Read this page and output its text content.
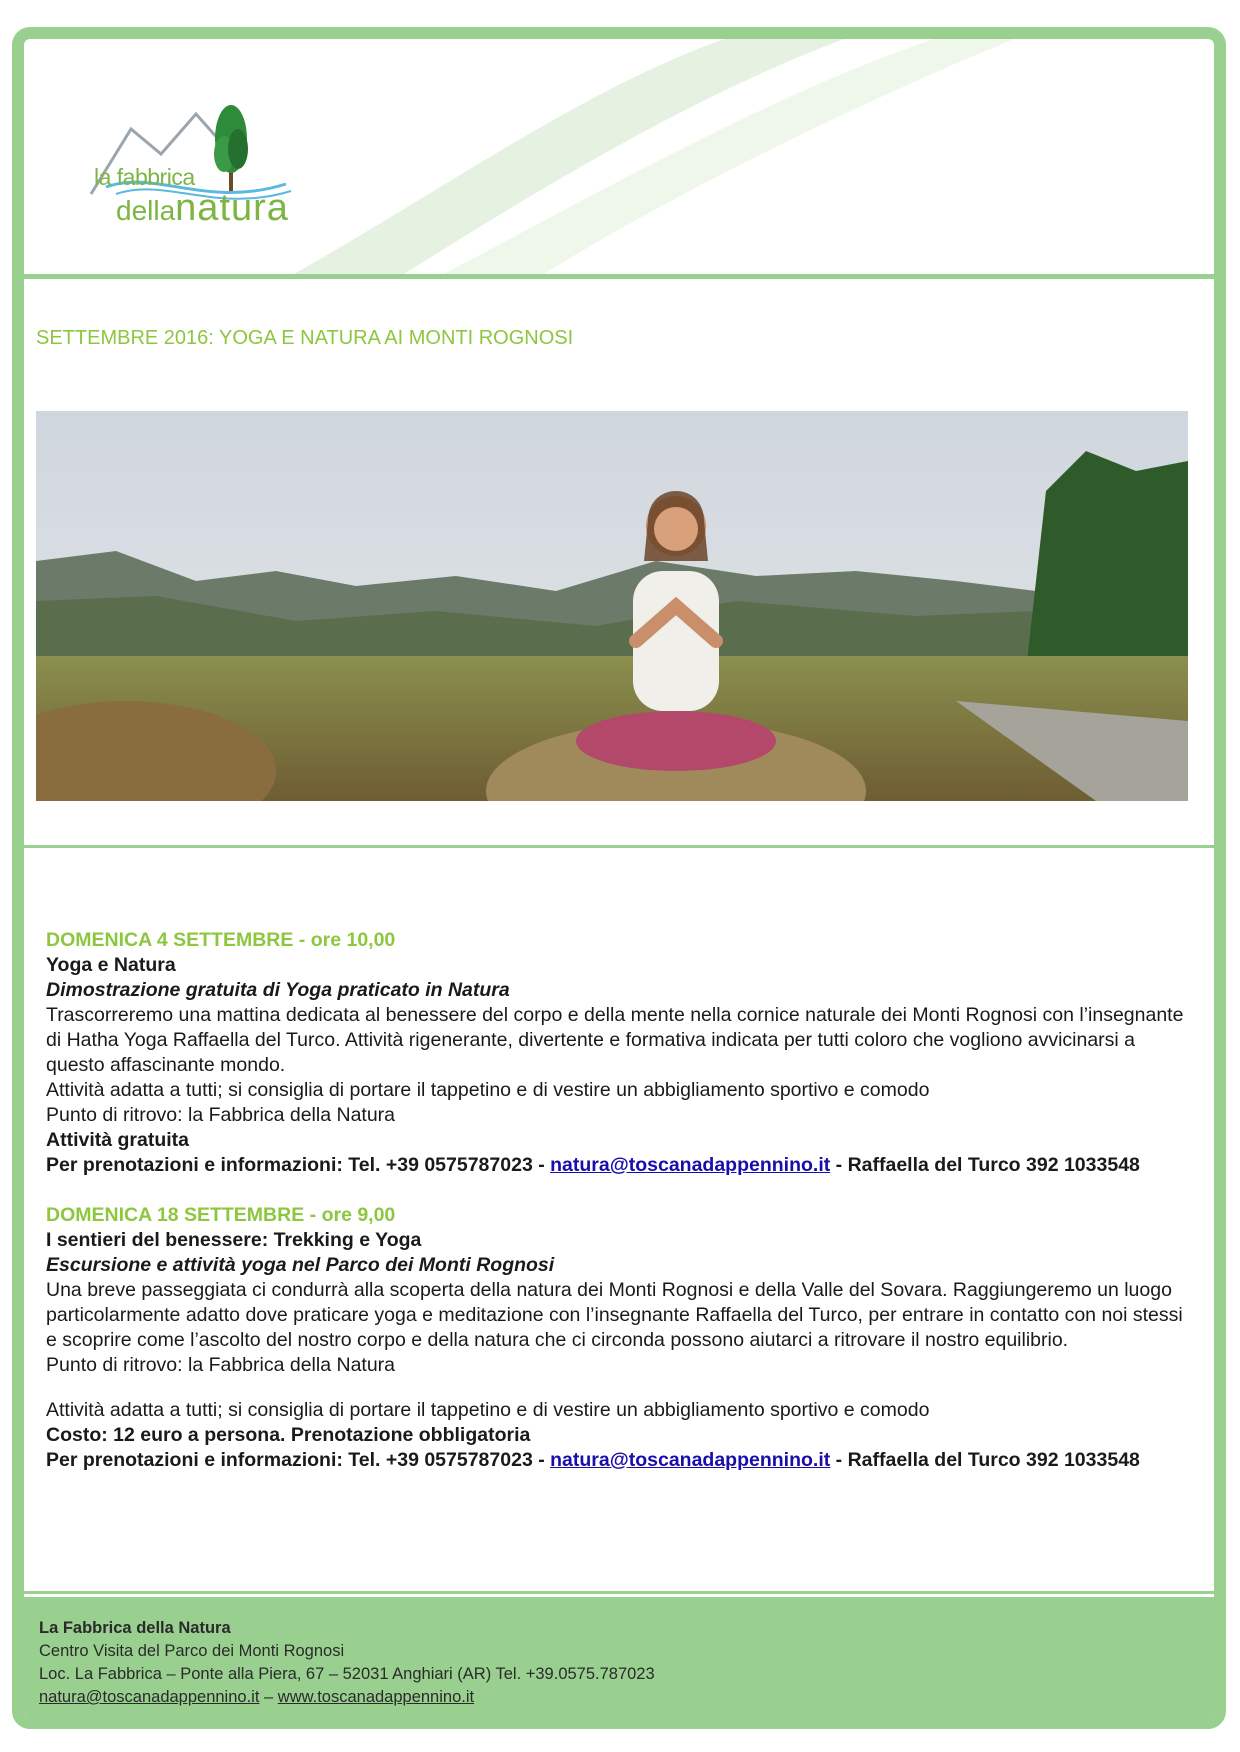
la fabbrica
dellanatura
SETTEMBRE 2016: YOGA E NATURA AI MONTI ROGNOSI
DOMENICA 4 SETTEMBRE - ore 10,00
Yoga e Natura
Dimostrazione gratuita di Yoga praticato in Natura
Trascorreremo una mattina dedicata al benessere del corpo e della mente nella cornice naturale dei Monti Rognosi con l’insegnante di Hatha Yoga Raffaella del Turco. Attività rigenerante, divertente e formativa indicata per tutti coloro che vogliono avvicinarsi a questo affascinante mondo.
Attività adatta a tutti; si consiglia di portare il tappetino e di vestire un abbigliamento sportivo e comodo
Punto di ritrovo: la Fabbrica della Natura
Attività gratuita
Per prenotazioni e informazioni: Tel. +39 0575787023 - natura@toscanadappennino.it - Raffaella del Turco 392 1033548
DOMENICA 18 SETTEMBRE - ore 9,00
I sentieri del benessere: Trekking e Yoga
Escursione e attività yoga nel Parco dei Monti Rognosi
Una breve passeggiata ci condurrà alla scoperta della natura dei Monti Rognosi e della Valle del Sovara. Raggiungeremo un luogo particolarmente adatto dove praticare yoga e meditazione con l’insegnante Raffaella del Turco, per entrare in contatto con noi stessi e scoprire come l’ascolto del nostro corpo e della natura che ci circonda possono aiutarci a ritrovare il nostro equilibrio.
Punto di ritrovo: la Fabbrica della Natura
Attività adatta a tutti; si consiglia di portare il tappetino e di vestire un abbigliamento sportivo e comodo
Costo: 12 euro a persona. Prenotazione obbligatoria
Per prenotazioni e informazioni: Tel. +39 0575787023 - natura@toscanadappennino.it - Raffaella del Turco 392 1033548
La Fabbrica della Natura
Centro Visita del Parco dei Monti Rognosi
Loc. La Fabbrica – Ponte alla Piera, 67 – 52031 Anghiari (AR) Tel. +39.0575.787023
natura@toscanadappennino.it – www.toscanadappennino.it
